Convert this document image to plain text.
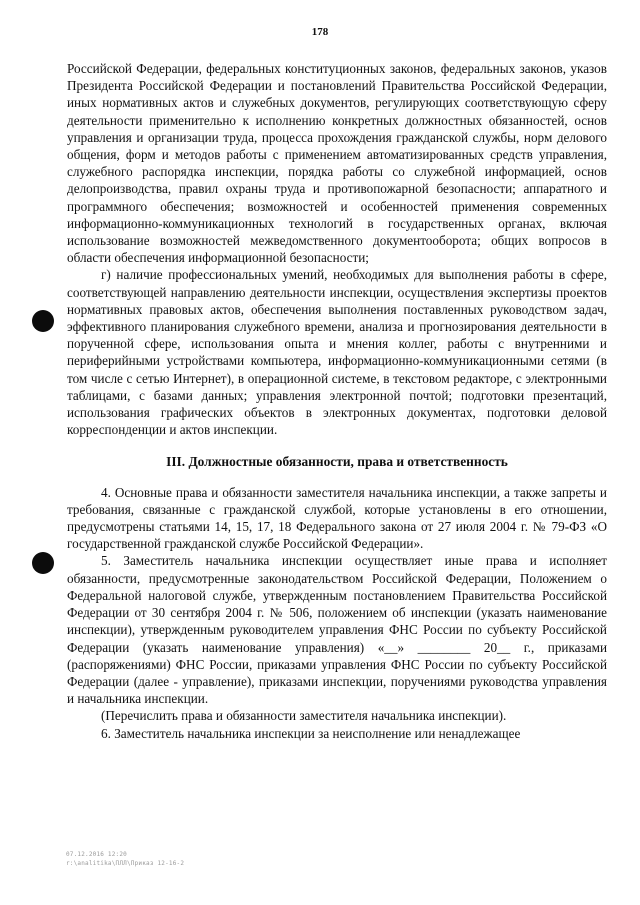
178

Российской Федерации, федеральных конституционных законов, федеральных законов, указов Президента Российской Федерации и постановлений Правительства Российской Федерации, иных нормативных актов и служебных документов, регулирующих соответствующую сферу деятельности применительно к исполнению конкретных должностных обязанностей, основ управления и организации труда, процесса прохождения гражданской службы, норм делового общения, форм и методов работы с применением автоматизированных средств управления, служебного распорядка инспекции, порядка работы со служебной информацией, основ делопроизводства, правил охраны труда и противопожарной безопасности; аппаратного и программного обеспечения; возможностей и особенностей применения современных информационно-коммуникационных технологий в государственных органах, включая использование возможностей межведомственного документооборота; общих вопросов в области обеспечения информационной безопасности;

г) наличие профессиональных умений, необходимых для выполнения работы в сфере, соответствующей направлению деятельности инспекции, осуществления экспертизы проектов нормативных правовых актов, обеспечения выполнения поставленных руководством задач, эффективного планирования служебного времени, анализа и прогнозирования деятельности в порученной сфере, использования опыта и мнения коллег, работы с внутренними и периферийными устройствами компьютера, информационно-коммуникационными сетями (в том числе с сетью Интернет), в операционной системе, в текстовом редакторе, с электронными таблицами, с базами данных; управления электронной почтой; подготовки презентаций, использования графических объектов в электронных документах, подготовки деловой корреспонденции и актов инспекции.

III. Должностные обязанности, права и ответственность

4. Основные права и обязанности заместителя начальника инспекции, а также запреты и требования, связанные с гражданской службой, которые установлены в его отношении, предусмотрены статьями 14, 15, 17, 18 Федерального закона от 27 июля 2004 г. № 79-ФЗ «О государственной гражданской службе Российской Федерации».

5. Заместитель начальника инспекции осуществляет иные права и исполняет обязанности, предусмотренные законодательством Российской Федерации, Положением о Федеральной налоговой службе, утвержденным постановлением Правительства Российской Федерации от 30 сентября 2004 г. № 506, положением об инспекции (указать наименование инспекции), утвержденным руководителем управления ФНС России по субъекту Российской Федерации (указать наименование управления) «__» ________ 20__ г., приказами (распоряжениями) ФНС России, приказами управления ФНС России по субъекту Российской Федерации (далее - управление), приказами инспекции, поручениями руководства управления и начальника инспекции.

(Перечислить права и обязанности заместителя начальника инспекции).

6. Заместитель начальника инспекции за неисполнение или ненадлежащее

07.12.2016 12:20
r:\analitika\ПЛЛ\Приказ 12-16-2
